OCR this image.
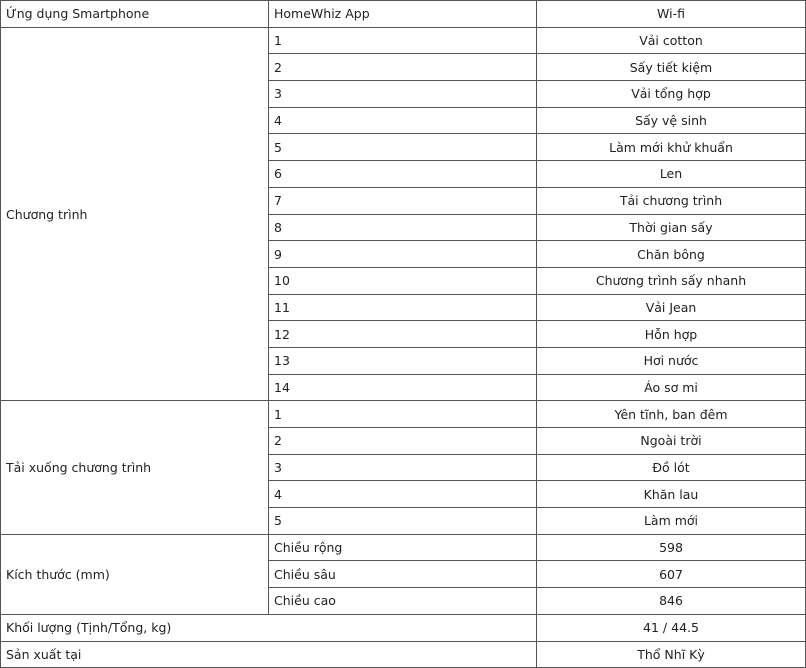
Ứng dụng Smartphone	HomeWhiz App	Wi-fi
Chương trình	1	Vải cotton
	2	Sấy tiết kiệm
	3	Vải tổng hợp
	4	Sấy vệ sinh
	5	Làm mới khử khuẩn
	6	Len
	7	Tải chương trình
	8	Thời gian sấy
	9	Chăn bông
	10	Chương trình sấy nhanh
	11	Vải Jean
	12	Hỗn hợp
	13	Hơi nước
	14	Áo sơ mi
Tải xuống chương trình	1	Yên tĩnh, ban đêm
	2	Ngoài trời
	3	Đồ lót
	4	Khăn lau
	5	Làm mới
Kích thước (mm)	Chiều rộng	598
	Chiều sâu	607
	Chiều cao	846
Khối lượng (Tịnh/Tổng, kg)		41 / 44.5
Sản xuất tại		Thổ Nhĩ Kỳ
